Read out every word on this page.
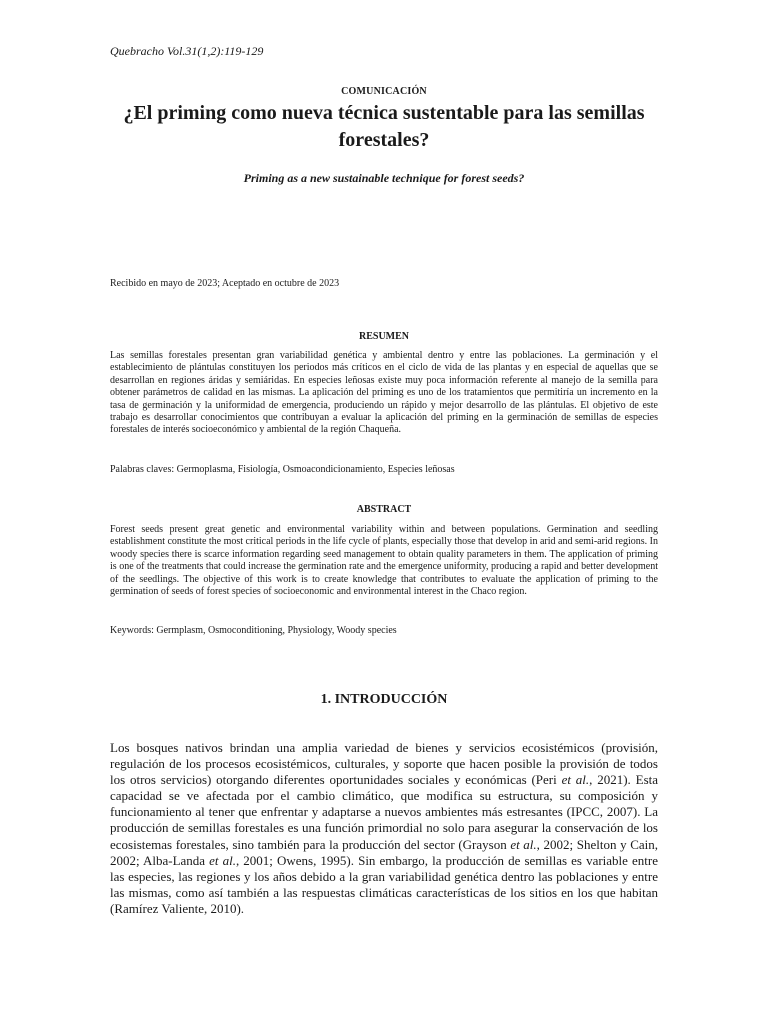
Quebracho Vol.31(1,2):119-129
COMUNICACIÓN
¿El priming como nueva técnica sustentable para las semillas forestales?
Priming as a new sustainable technique for forest seeds?
Recibido en mayo de 2023; Aceptado en octubre de 2023
RESUMEN
Las semillas forestales presentan gran variabilidad genética y ambiental dentro y entre las poblaciones. La germinación y el establecimiento de plántulas constituyen los periodos más críticos en el ciclo de vida de las plantas y en especial de aquellas que se desarrollan en regiones áridas y semiáridas. En especies leñosas existe muy poca información referente al manejo de la semilla para obtener parámetros de calidad en las mismas. La aplicación del priming es uno de los tratamientos que permitiría un incremento en la tasa de germinación y la uniformidad de emergencia, produciendo un rápido y mejor desarrollo de las plántulas. El objetivo de este trabajo es desarrollar conocimientos que contribuyan a evaluar la aplicación del priming en la germinación de semillas de especies forestales de interés socioeconómico y ambiental de la región Chaqueña.
Palabras claves: Germoplasma, Fisiología, Osmoacondicionamiento, Especies leñosas
ABSTRACT
Forest seeds present great genetic and environmental variability within and between populations. Germination and seedling establishment constitute the most critical periods in the life cycle of plants, especially those that develop in arid and semi-arid regions. In woody species there is scarce information regarding seed management to obtain quality parameters in them. The application of priming is one of the treatments that could increase the germination rate and the emergence uniformity, producing a rapid and better development of the seedlings. The objective of this work is to create knowledge that contributes to evaluate the application of priming to the germination of seeds of forest species of socioeconomic and environmental interest in the Chaco region.
Keywords: Germplasm, Osmoconditioning, Physiology, Woody species
1. INTRODUCCIÓN
Los bosques nativos brindan una amplia variedad de bienes y servicios ecosistémicos (provisión, regulación de los procesos ecosistémicos, culturales, y soporte que hacen posible la provisión de todos los otros servicios) otorgando diferentes oportunidades sociales y económicas (Peri et al., 2021). Esta capacidad se ve afectada por el cambio climático, que modifica su estructura, su composición y funcionamiento al tener que enfrentar y adaptarse a nuevos ambientes más estresantes (IPCC, 2007). La producción de semillas forestales es una función primordial no solo para asegurar la conservación de los ecosistemas forestales, sino también para la producción del sector (Grayson et al., 2002; Shelton y Cain, 2002; Alba-Landa et al., 2001; Owens, 1995). Sin embargo, la producción de semillas es variable entre las especies, las regiones y los años debido a la gran variabilidad genética dentro las poblaciones y entre las mismas, como así también a las respuestas climáticas características de los sitios en los que habitan (Ramírez Valiente, 2010).
